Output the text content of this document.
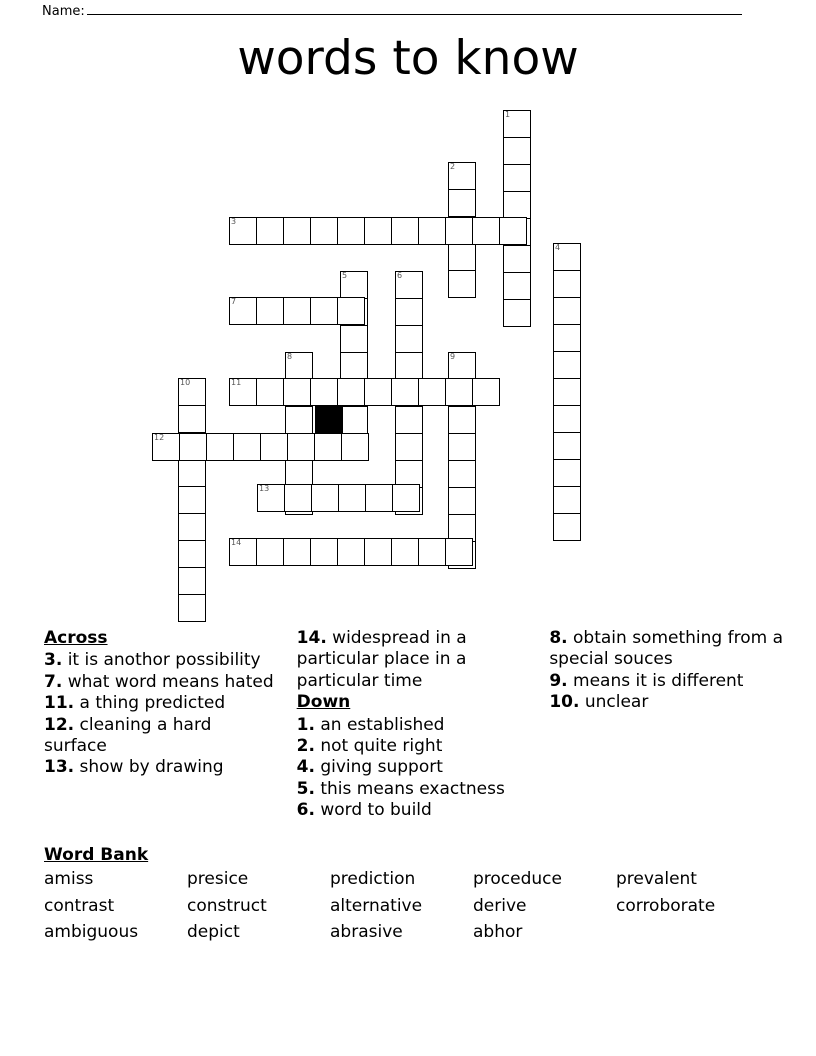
Name:
words to know
1
2
3
4
5	6
7
8	9
10	11
12
13
14
Across
3. it is anothor possibility
7. what word means hated
11. a thing predicted
12. cleaning a hard surface
13. show by drawing
14. widespread in a particular place in a particular time
Down
1. an established
2. not quite right
4. giving support
5. this means exactness
6. word to build
8. obtain something from a special souces
9. means it is different
10. unclear
Word Bank
amiss	presice	prediction	proceduce	prevalent
contrast	construct	alternative	derive	corroborate
ambiguous	depict	abrasive	abhor
